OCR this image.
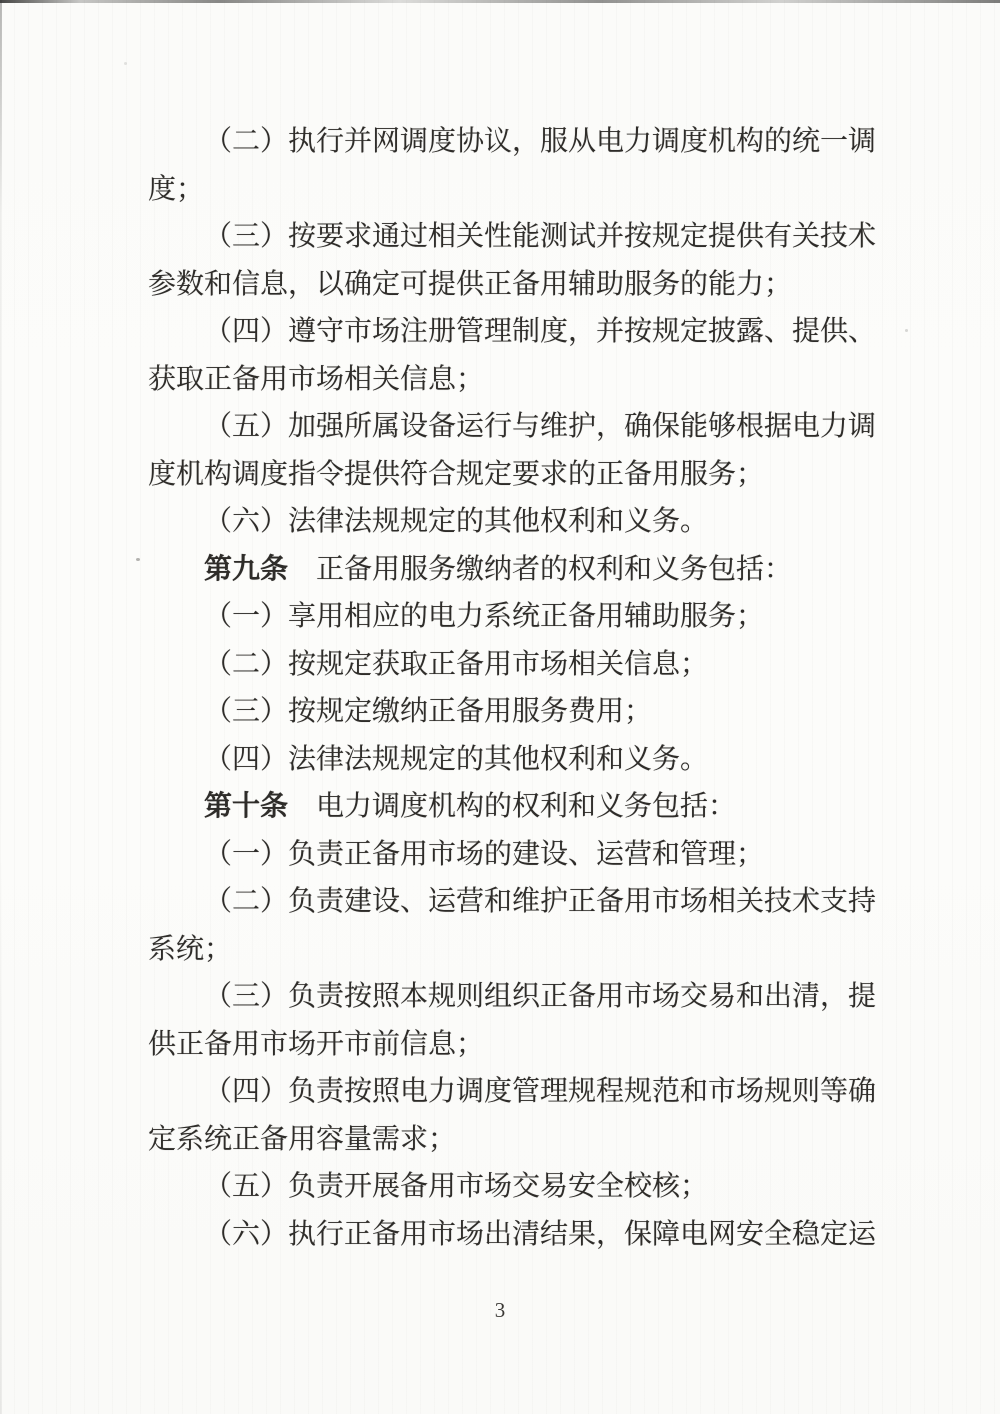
（二）执行并网调度协议，服从电力调度机构的统一调度；

（三）按要求通过相关性能测试并按规定提供有关技术参数和信息，以确定可提供正备用辅助服务的能力；

（四）遵守市场注册管理制度，并按规定披露、提供、获取正备用市场相关信息；

（五）加强所属设备运行与维护，确保能够根据电力调度机构调度指令提供符合规定要求的正备用服务；

（六）法律法规规定的其他权利和义务。

第九条　正备用服务缴纳者的权利和义务包括：

（一）享用相应的电力系统正备用辅助服务；

（二）按规定获取正备用市场相关信息；

（三）按规定缴纳正备用服务费用；

（四）法律法规规定的其他权利和义务。

第十条　电力调度机构的权利和义务包括：

（一）负责正备用市场的建设、运营和管理；

（二）负责建设、运营和维护正备用市场相关技术支持系统；

（三）负责按照本规则组织正备用市场交易和出清，提供正备用市场开市前信息；

（四）负责按照电力调度管理规程规范和市场规则等确定系统正备用容量需求；

（五）负责开展备用市场交易安全校核；

（六）执行正备用市场出清结果，保障电网安全稳定运

3
